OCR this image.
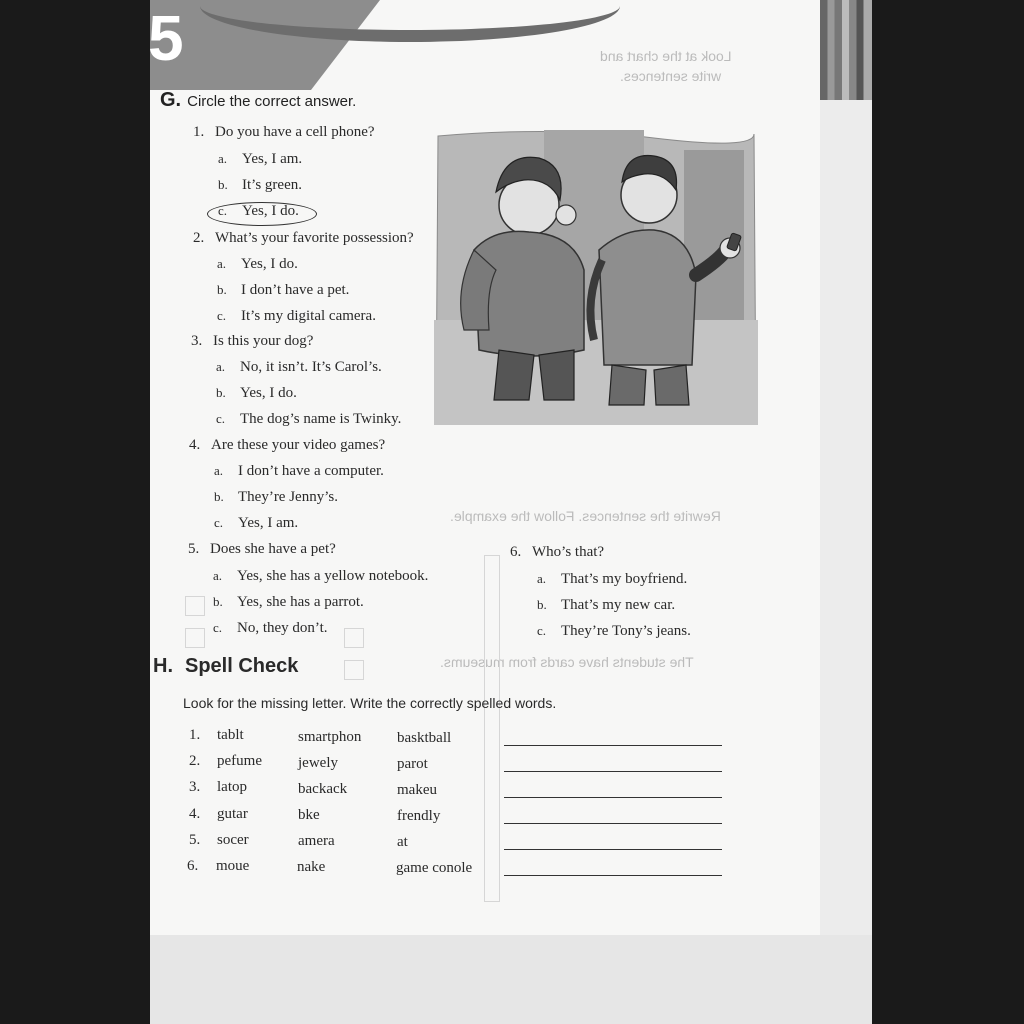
5	Look at the chart and
write sentences.
Rewrite the sentences. Follow the example.
The students have cards from museums.
G. Circle the correct answer.
1. Do you have a cell phone?
a. Yes, I am.
b. It’s green.
c. Yes, I do.
2. What’s your favorite possession?
a. Yes, I do.
b. I don’t have a pet.
c. It’s my digital camera.
3. Is this your dog?
a. No, it isn’t. It’s Carol’s.
b. Yes, I do.
c. The dog’s name is Twinky.
4. Are these your video games?
a. I don’t have a computer.
b. They’re Jenny’s.
c. Yes, I am.
5. Does she have a pet?
a. Yes, she has a yellow notebook.
b. Yes, she has a parrot.
c. No, they don’t.
6. Who’s that?
a. That’s my boyfriend.
b. That’s my new car.
c. They’re Tony’s jeans.
H. Spell Check
Look for the missing letter. Write the correctly spelled words.
1. tablt	smartphon basktball
2. pefume jewely	parot
3. latop	backack	makeu
4. gutar	bke	frendly
5. socer	amera	at
6. moue	nake	game conole
